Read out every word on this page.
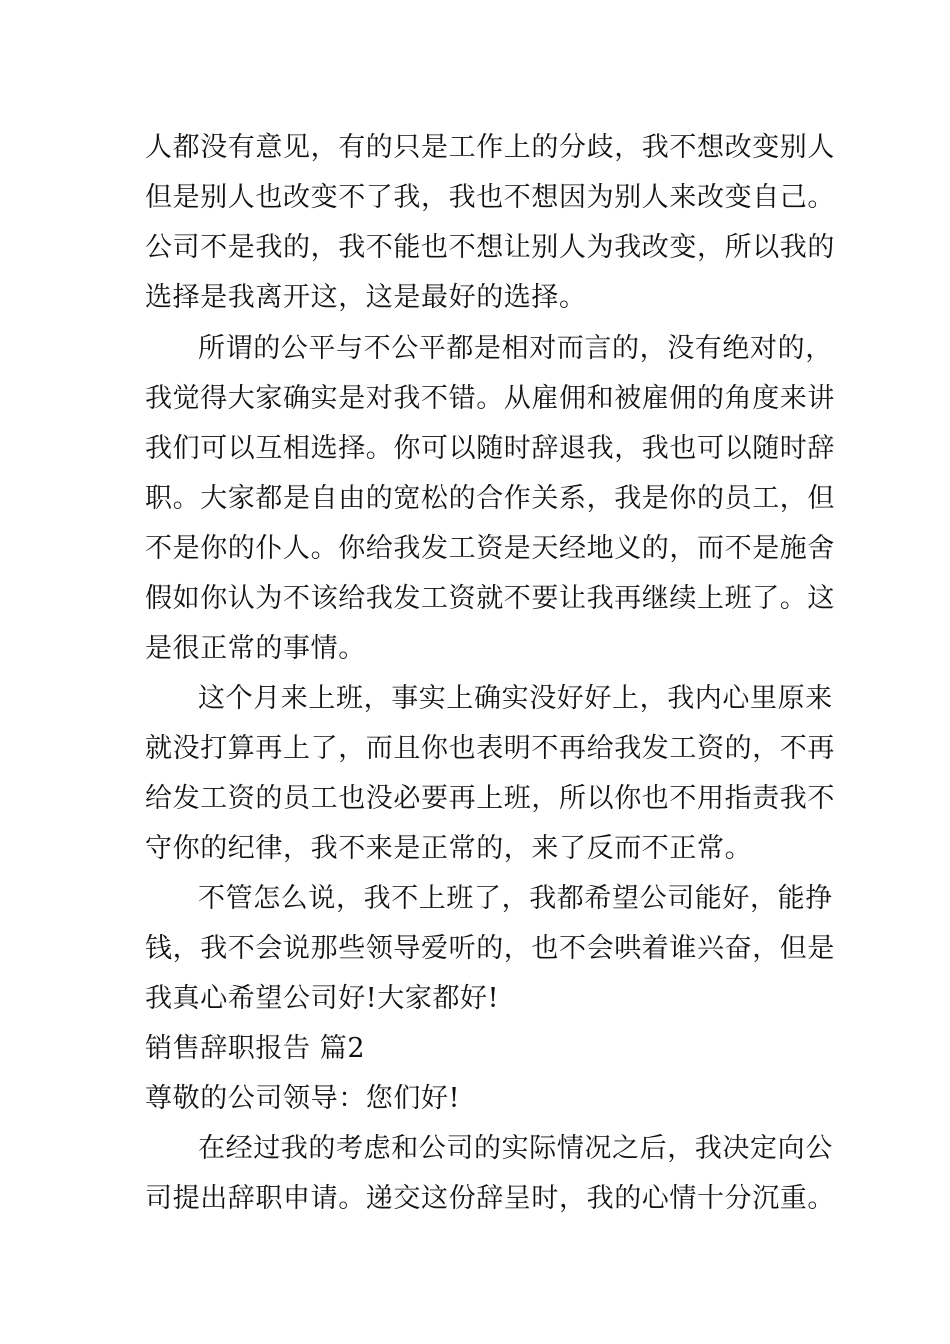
人都没有意见，有的只是工作上的分歧，我不想改变别人
但是别人也改变不了我，我也不想因为别人来改变自己。
公司不是我的，我不能也不想让别人为我改变，所以我的
选择是我离开这，这是最好的选择。
所谓的公平与不公平都是相对而言的，没有绝对的，
我觉得大家确实是对我不错。从雇佣和被雇佣的角度来讲
我们可以互相选择。你可以随时辞退我，我也可以随时辞
职。大家都是自由的宽松的合作关系，我是你的员工，但
不是你的仆人。你给我发工资是天经地义的，而不是施舍
假如你认为不该给我发工资就不要让我再继续上班了。这
是很正常的事情。
这个月来上班，事实上确实没好好上，我内心里原来
就没打算再上了，而且你也表明不再给我发工资的，不再
给发工资的员工也没必要再上班，所以你也不用指责我不
守你的纪律，我不来是正常的，来了反而不正常。
不管怎么说，我不上班了，我都希望公司能好，能挣
钱，我不会说那些领导爱听的，也不会哄着谁兴奋，但是
我真心希望公司好!大家都好!
销售辞职报告 篇2
尊敬的公司领导：您们好!
在经过我的考虑和公司的实际情况之后，我决定向公
司提出辞职申请。递交这份辞呈时，我的心情十分沉重。
